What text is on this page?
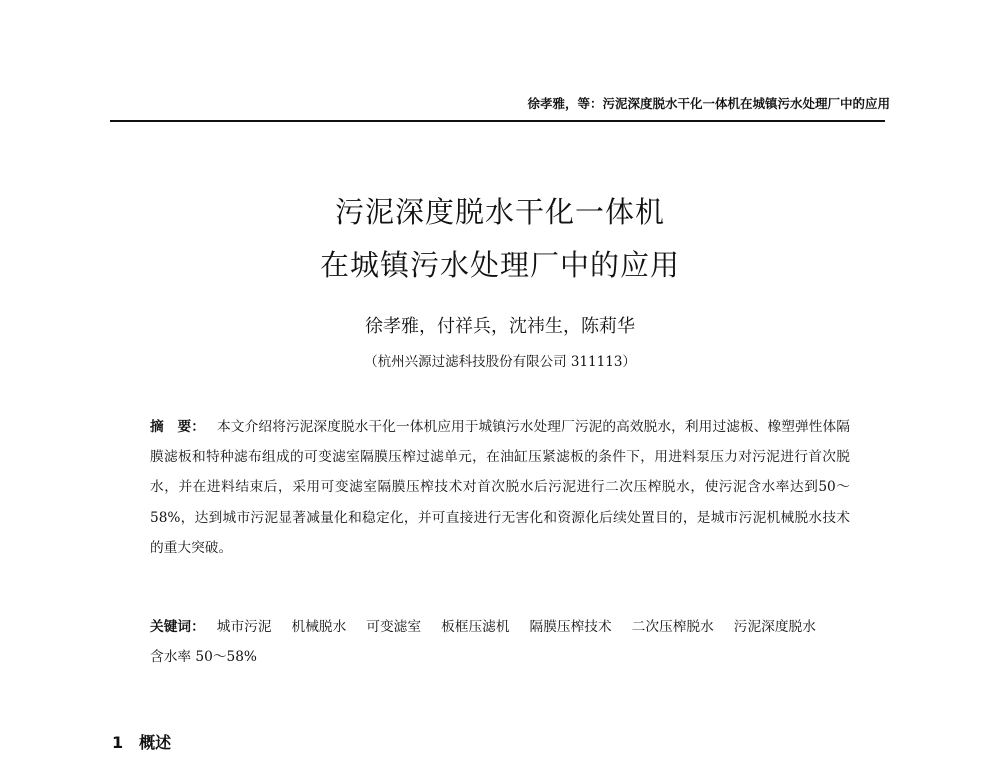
徐孝雅，等：污泥深度脱水干化一体机在城镇污水处理厂中的应用
污泥深度脱水干化一体机
在城镇污水处理厂中的应用
徐孝雅，付祥兵，沈祎生，陈莉华
（杭州兴源过滤科技股份有限公司 311113）
摘　要： 本文介绍将污泥深度脱水干化一体机应用于城镇污水处理厂污泥的高效脱水，利用过滤板、橡塑弹性体隔膜滤板和特种滤布组成的可变滤室隔膜压榨过滤单元，在油缸压紧滤板的条件下，用进料泵压力对污泥进行首次脱水，并在进料结束后，采用可变滤室隔膜压榨技术对首次脱水后污泥进行二次压榨脱水，使污泥含水率达到50～58%，达到城市污泥显著减量化和稳定化，并可直接进行无害化和资源化后续处置目的，是城市污泥机械脱水技术的重大突破。
关键词： 城市污泥 机械脱水 可变滤室 板框压滤机 隔膜压榨技术 二次压榨脱水 污泥深度脱水含水率 50～58%
1 概述
